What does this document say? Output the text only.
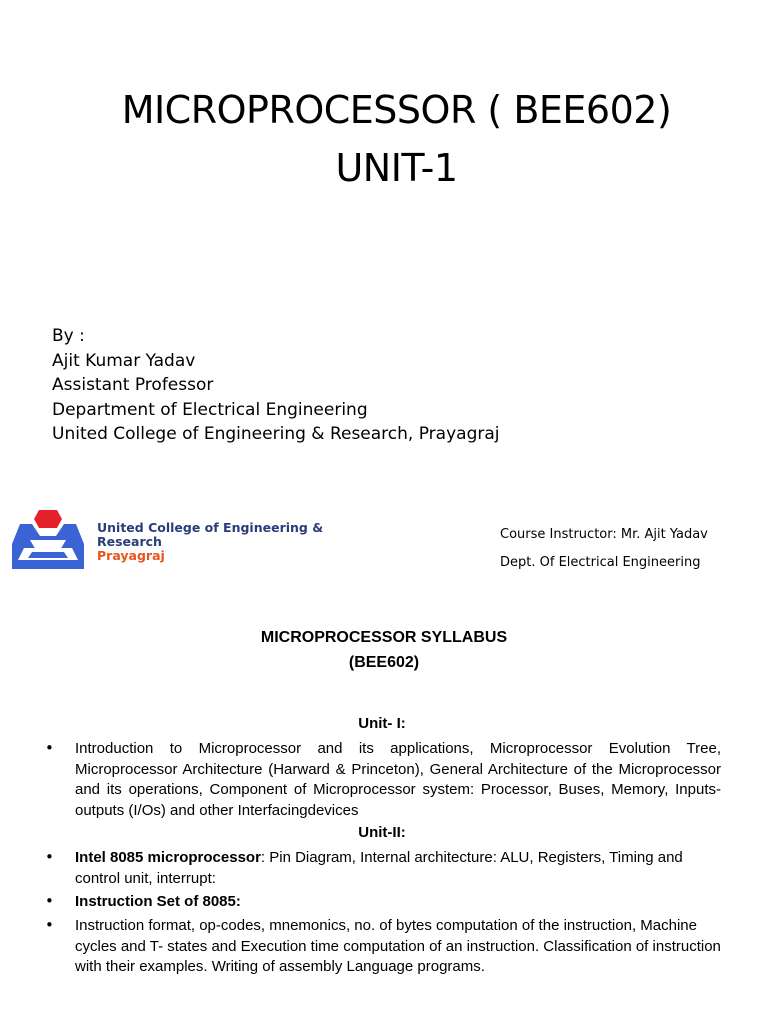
MICROPROCESSOR ( BEE602)
UNIT-1
By :
Ajit Kumar Yadav
Assistant Professor
Department of Electrical Engineering
United College of Engineering & Research, Prayagraj
United College of Engineering &
Research
Prayagraj
Course Instructor: Mr. Ajit Yadav
Dept. Of Electrical Engineering
MICROPROCESSOR SYLLABUS
(BEE602)
Unit- I:
• Introduction to Microprocessor and its applications, Microprocessor Evolution Tree, Microprocessor Architecture (Harward & Princeton), General Architecture of the Microprocessor and its operations, Component of Microprocessor system: Processor, Buses, Memory, Inputs-outputs (I/Os) and other Interfacingdevices
Unit-II:
• Intel 8085 microprocessor: Pin Diagram, Internal architecture: ALU, Registers, Timing and control unit, interrupt:
• Instruction Set of 8085:
• Instruction format, op-codes, mnemonics, no. of bytes computation of the instruction, Machine cycles and T- states and Execution time computation of an instruction. Classification of instruction with their examples. Writing of assembly Language programs.
